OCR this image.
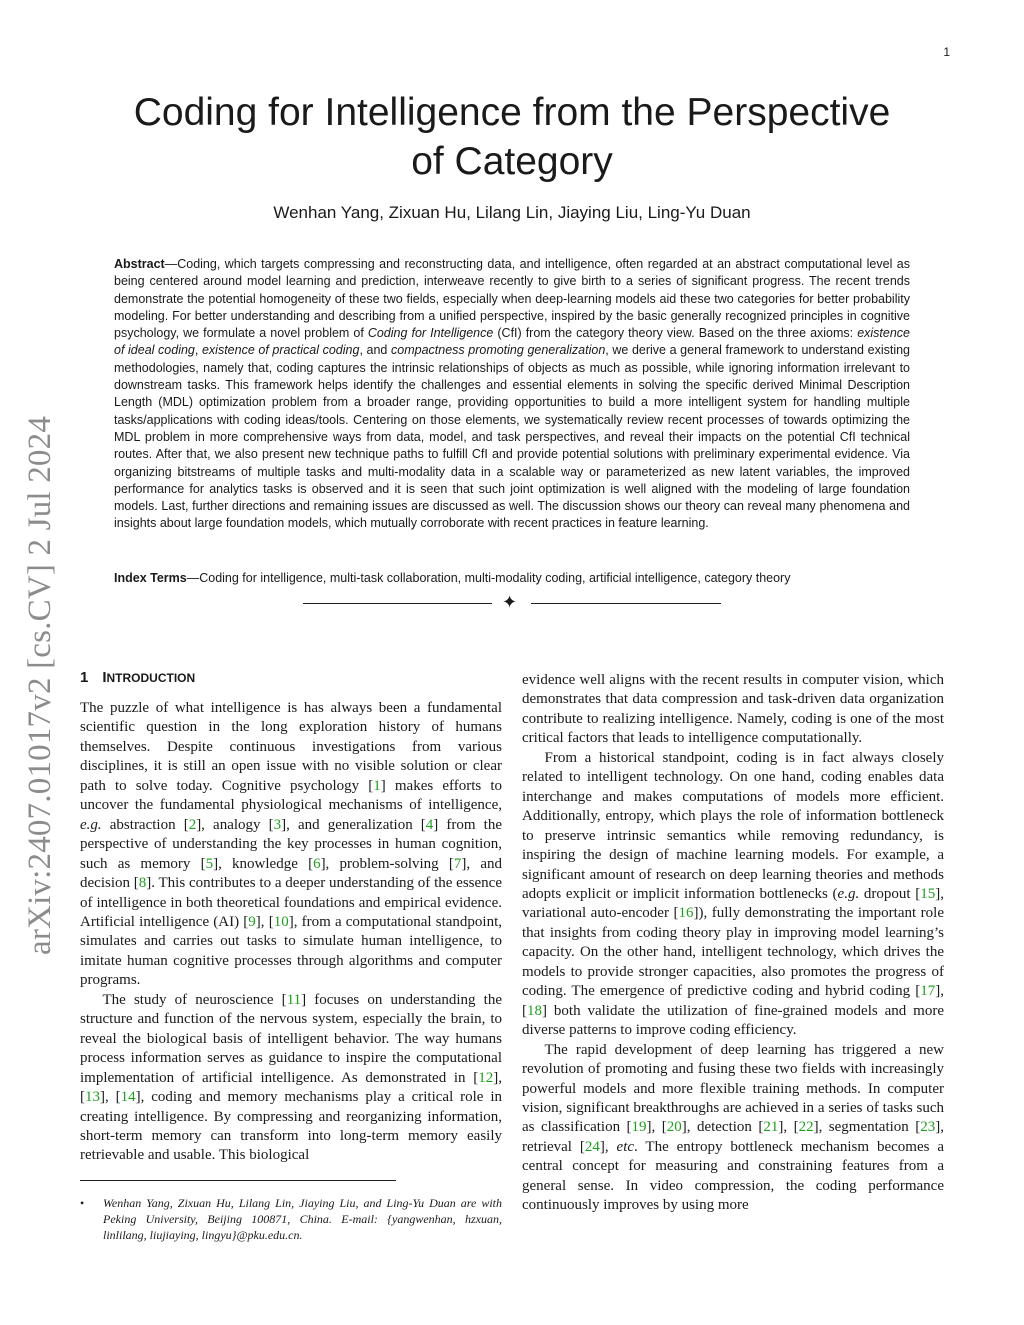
1
arXiv:2407.01017v2 [cs.CV] 2 Jul 2024
Coding for Intelligence from the Perspective
of Category
Wenhan Yang, Zixuan Hu, Lilang Lin, Jiaying Liu, Ling-Yu Duan

Abstract—Coding, which targets compressing and reconstructing data, and intelligence, often regarded at an abstract computational level as being centered around model learning and prediction, interweave recently to give birth to a series of significant progress. The recent trends demonstrate the potential homogeneity of these two fields, especially when deep-learning models aid these two categories for better probability modeling. For better understanding and describing from a unified perspective, inspired by the basic generally recognized principles in cognitive psychology, we formulate a novel problem of Coding for Intelligence (CfI) from the category theory view. Based on the three axioms: existence of ideal coding, existence of practical coding, and compactness promoting generalization, we derive a general framework to understand existing methodologies, namely that, coding captures the intrinsic relationships of objects as much as possible, while ignoring information irrelevant to downstream tasks. This framework helps identify the challenges and essential elements in solving the specific derived Minimal Description Length (MDL) optimization problem from a broader range, providing opportunities to build a more intelligent system for handling multiple tasks/applications with coding ideas/tools. Centering on those elements, we systematically review recent processes of towards optimizing the MDL problem in more comprehensive ways from data, model, and task perspectives, and reveal their impacts on the potential CfI technical routes. After that, we also present new technique paths to fulfill CfI and provide potential solutions with preliminary experimental evidence. Via organizing bitstreams of multiple tasks and multi-modality data in a scalable way or parameterized as new latent variables, the improved performance for analytics tasks is observed and it is seen that such joint optimization is well aligned with the modeling of large foundation models. Last, further directions and remaining issues are discussed as well. The discussion shows our theory can reveal many phenomena and insights about large foundation models, which mutually corroborate with recent practices in feature learning.

Index Terms—Coding for intelligence, multi-task collaboration, multi-modality coding, artificial intelligence, category theory

✦
1 INTRODUCTION

The puzzle of what intelligence is has always been a fundamental scientific question in the long exploration history of humans themselves. Despite continuous investigations from various disciplines, it is still an open issue with no visible solution or clear path to solve today. Cognitive psychology [1] makes efforts to uncover the fundamental physiological mechanisms of intelligence, e.g. abstraction [2], analogy [3], and generalization [4] from the perspective of understanding the key processes in human cognition, such as memory [5], knowledge [6], problem-solving [7], and decision [8]. This contributes to a deeper understanding of the essence of intelligence in both theoretical foundations and empirical evidence. Artificial intelligence (AI) [9], [10], from a computational standpoint, simulates and carries out tasks to simulate human intelligence, to imitate human cognitive processes through algorithms and computer programs.

The study of neuroscience [11] focuses on understanding the structure and function of the nervous system, especially the brain, to reveal the biological basis of intelligent behavior. The way humans process information serves as guidance to inspire the computational implementation of artificial intelligence. As demonstrated in [12], [13], [14], coding and memory mechanisms play a critical role in creating intelligence. By compressing and reorganizing information, short-term memory can transform into long-term memory easily retrievable and usable. This biological

evidence well aligns with the recent results in computer vision, which demonstrates that data compression and task-driven data organization contribute to realizing intelligence. Namely, coding is one of the most critical factors that leads to intelligence computationally.

From a historical standpoint, coding is in fact always closely related to intelligent technology. On one hand, coding enables data interchange and makes computations of models more efficient. Additionally, entropy, which plays the role of information bottleneck to preserve intrinsic semantics while removing redundancy, is inspiring the design of machine learning models. For example, a significant amount of research on deep learning theories and methods adopts explicit or implicit information bottlenecks (e.g. dropout [15], variational auto-encoder [16]), fully demonstrating the important role that insights from coding theory play in improving model learning’s capacity. On the other hand, intelligent technology, which drives the models to provide stronger capacities, also promotes the progress of coding. The emergence of predictive coding and hybrid coding [17], [18] both validate the utilization of fine-grained models and more diverse patterns to improve coding efficiency.

The rapid development of deep learning has triggered a new revolution of promoting and fusing these two fields with increasingly powerful models and more flexible training methods. In computer vision, significant breakthroughs are achieved in a series of tasks such as classification [19], [20], detection [21], [22], segmentation [23], retrieval [24], etc. The entropy bottleneck mechanism becomes a central concept for measuring and constraining features from a general sense. In video compression, the coding performance continuously improves by using more

• Wenhan Yang, Zixuan Hu, Lilang Lin, Jiaying Liu, and Ling-Yu Duan are with Peking University, Beijing 100871, China. E-mail: {yangwenhan, hzxuan, linlilang, liujiaying, lingyu}@pku.edu.cn.
